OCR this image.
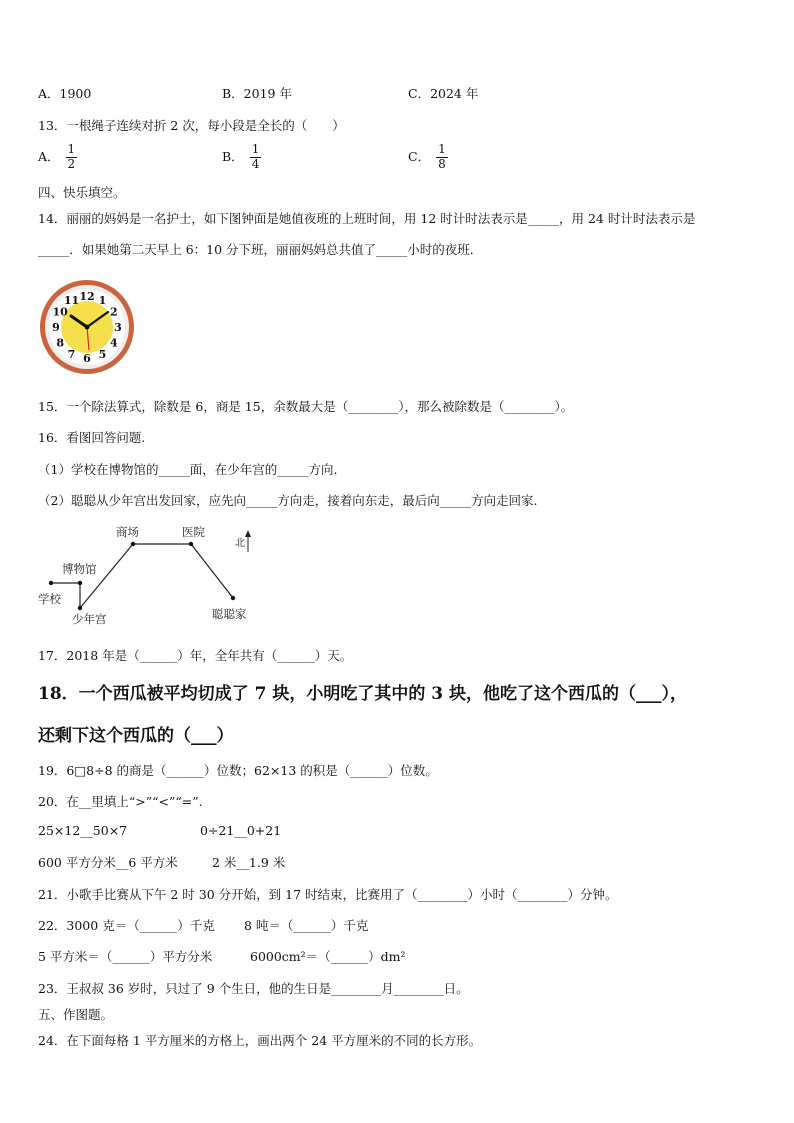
A．1900	B．2019 年	C．2024 年
13．一根绳子连续对折 2 次，每小段是全长的（　　）
A． $\frac{1}{2}$	B． $\frac{1}{4}$	C． $\frac{1}{8}$
四、快乐填空。
14．丽丽的妈妈是一名护士，如下图钟面是她值夜班的上班时间，用 12 时计时法表示是_____，用 24 时计时法表示是
_____．如果她第二天早上 6：10 分下班，丽丽妈妈总共值了_____小时的夜班．
12 1
2
3
4
5
6
7
8
9
10
11
15．一个除法算式，除数是 6，商是 15，余数最大是（________），那么被除数是（________）。
16．看图回答问题.
（1）学校在博物馆的_____面，在少年宫的_____方向.
（2）聪聪从少年宫出发回家，应先向_____方向走，接着向东走，最后向_____方向走回家.
学校
博物馆
少年宫
商场	医院
聪聪家
北
17．2018 年是（______）年，全年共有（______）天。
18．一个西瓜被平均切成了 7 块，小明吃了其中的 3 块，他吃了这个西瓜的（___），
还剩下这个西瓜的（___）
19．6□8÷8 的商是（______）位数；62×13 的积是（______）位数。
20．在__里填上“>”“<”“=”.
25×12__50×7	0÷21__0+21
600 平方分米__6 平方米	2 米__1.9 米
21．小歌手比赛从下午 2 时 30 分开始，到 17 时结束，比赛用了（________）小时（________）分钟。
22．3000 克＝（______）千克 8 吨＝（______）千克
5 平方米＝（______）平方分米	6000cm²＝（______）dm²
23．王叔叔 36 岁时，只过了 9 个生日，他的生日是________月________日。
五、作图题。
24．在下面每格 1 平方厘米的方格上，画出两个 24 平方厘米的不同的长方形。
